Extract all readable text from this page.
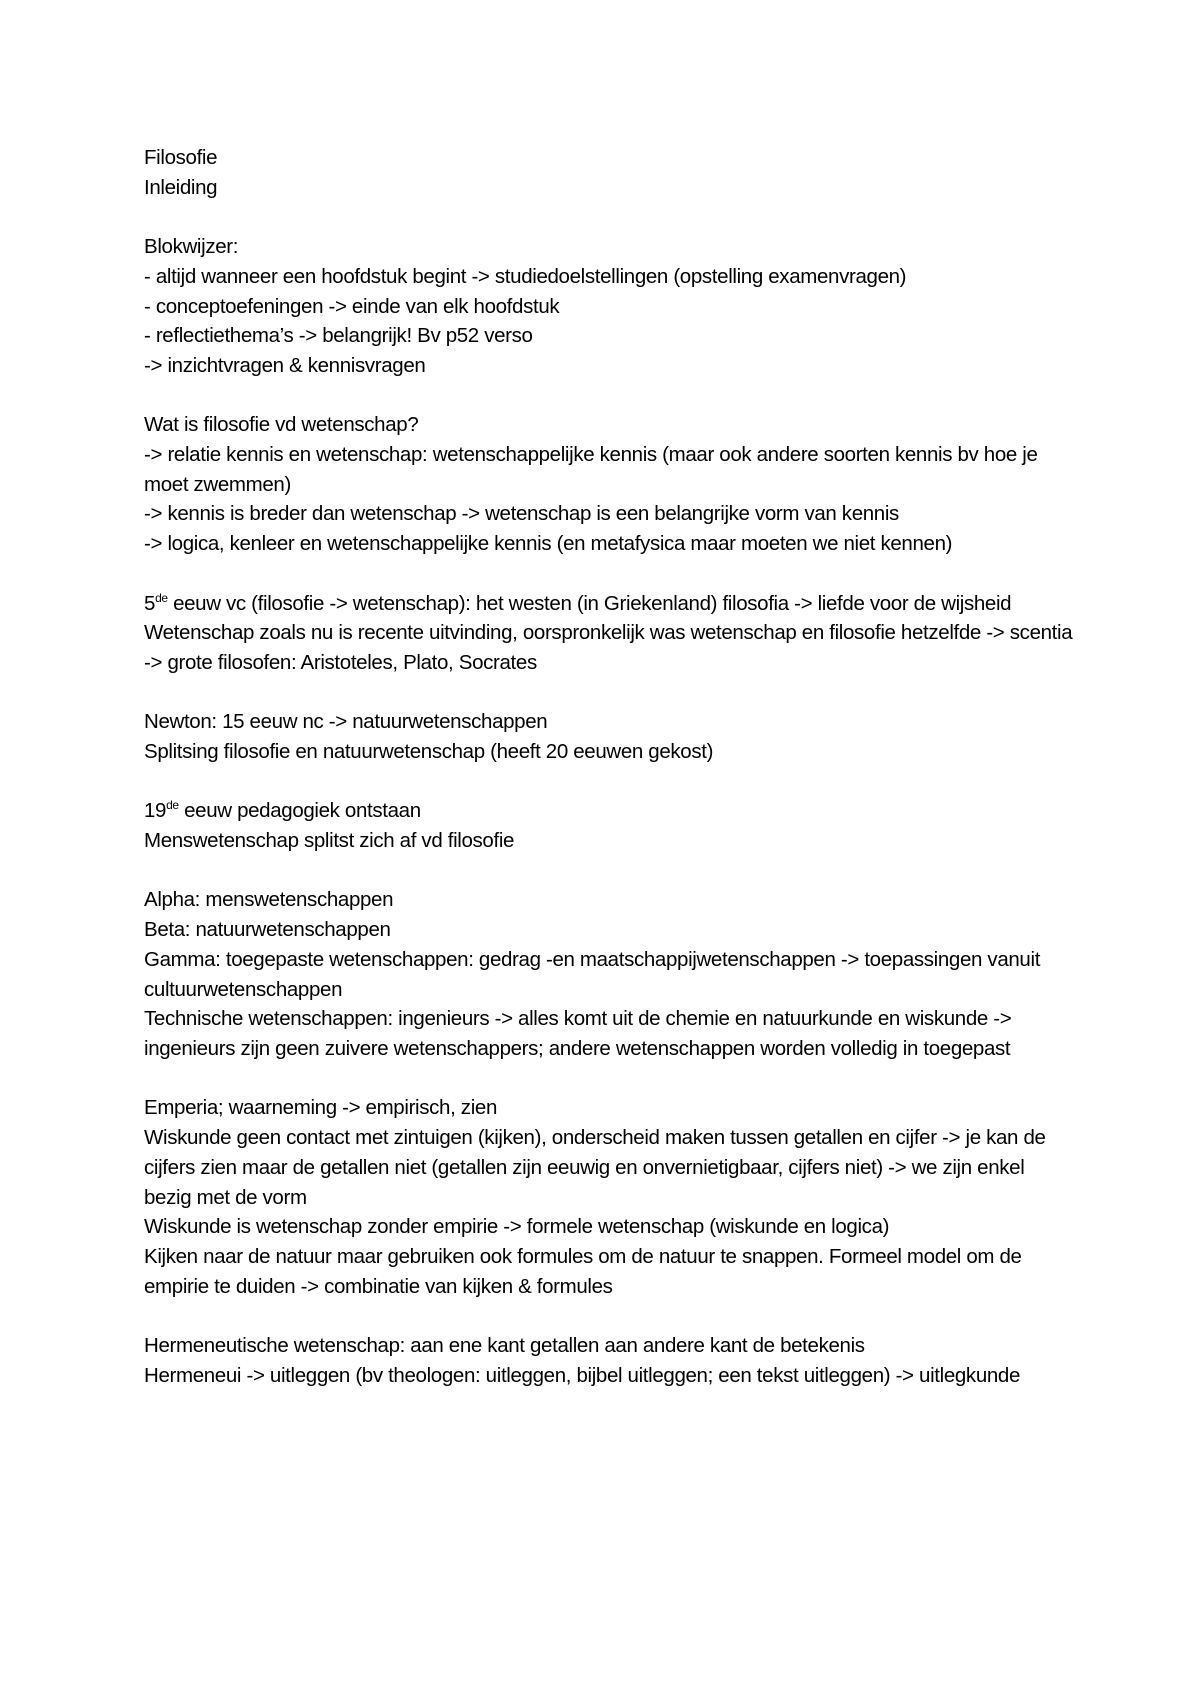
Filosofie
Inleiding
Blokwijzer:
- altijd wanneer een hoofdstuk begint -> studiedoelstellingen (opstelling examenvragen)
- conceptoefeningen -> einde van elk hoofdstuk
- reflectiethema’s -> belangrijk! Bv p52 verso
-> inzichtvragen & kennisvragen
Wat is filosofie vd wetenschap?
-> relatie kennis en wetenschap: wetenschappelijke kennis (maar ook andere soorten kennis bv hoe je moet zwemmen)
-> kennis is breder dan wetenschap -> wetenschap is een belangrijke vorm van kennis
-> logica, kenleer en wetenschappelijke kennis (en metafysica maar moeten we niet kennen)
5de eeuw vc (filosofie -> wetenschap): het westen (in Griekenland) filosofia -> liefde voor de wijsheid
Wetenschap zoals nu is recente uitvinding, oorspronkelijk was wetenschap en filosofie hetzelfde -> scentia
-> grote filosofen: Aristoteles, Plato, Socrates
Newton: 15 eeuw nc -> natuurwetenschappen
Splitsing filosofie en natuurwetenschap (heeft 20 eeuwen gekost)
19de eeuw pedagogiek ontstaan
Menswetenschap splitst zich af vd filosofie
Alpha: menswetenschappen
Beta: natuurwetenschappen
Gamma: toegepaste wetenschappen: gedrag -en maatschappijwetenschappen -> toepassingen vanuit cultuurwetenschappen
Technische wetenschappen: ingenieurs -> alles komt uit de chemie en natuurkunde en wiskunde -> ingenieurs zijn geen zuivere wetenschappers; andere wetenschappen worden volledig in toegepast
Emperia; waarneming -> empirisch, zien
Wiskunde geen contact met zintuigen (kijken), onderscheid maken tussen getallen en cijfer -> je kan de cijfers zien maar de getallen niet (getallen zijn eeuwig en onvernietigbaar, cijfers niet) -> we zijn enkel bezig met de vorm
Wiskunde is wetenschap zonder empirie -> formele wetenschap (wiskunde en logica)
Kijken naar de natuur maar gebruiken ook formules om de natuur te snappen. Formeel model om de empirie te duiden -> combinatie van kijken & formules
Hermeneutische wetenschap: aan ene kant getallen aan andere kant de betekenis
Hermeneui -> uitleggen (bv theologen: uitleggen, bijbel uitleggen; een tekst uitleggen) -> uitlegkunde
